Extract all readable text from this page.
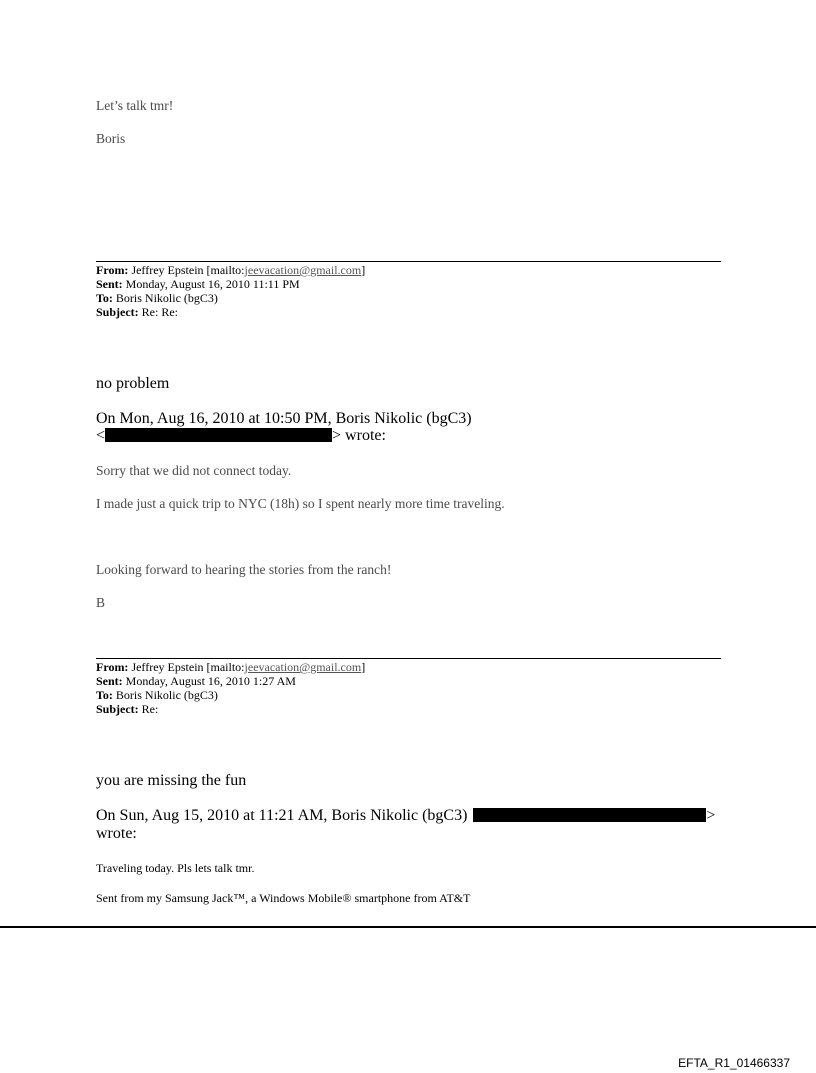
Let’s talk tmr!
Boris
From: Jeffrey Epstein [mailto:jeevacation@gmail.com]
Sent: Monday, August 16, 2010 11:11 PM
To: Boris Nikolic (bgC3)
Subject: Re: Re:
no problem
On Mon, Aug 16, 2010 at 10:50 PM, Boris Nikolic (bgC3)
<	> wrote:
Sorry that we did not connect today.
I made just a quick trip to NYC (18h) so I spent nearly more time traveling.
Looking forward to hearing the stories from the ranch!
B
From: Jeffrey Epstein [mailto:jeevacation@gmail.com]
Sent: Monday, August 16, 2010 1:27 AM
To: Boris Nikolic (bgC3)
Subject: Re:
you are missing the fun
On Sun, Aug 15, 2010 at 11:21 AM, Boris Nikolic (bgC3)	>
wrote:
Traveling today. Pls lets talk tmr.
Sent from my Samsung Jack™, a Windows Mobile® smartphone from AT&T
EFTA_R1_01466337
